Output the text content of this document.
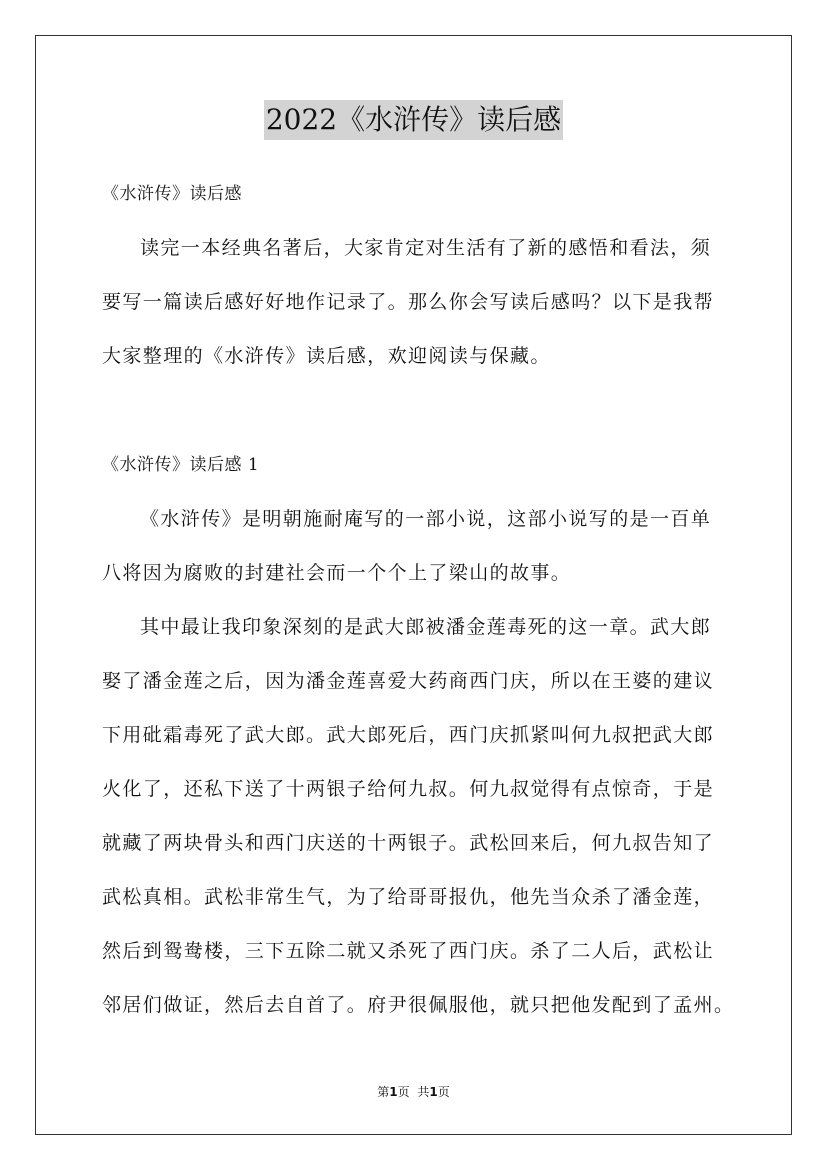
2022《水浒传》读后感
《水浒传》读后感
读完一本经典名著后，大家肯定对生活有了新的感悟和看法，须
要写一篇读后感好好地作记录了。那么你会写读后感吗？以下是我帮
大家整理的《水浒传》读后感，欢迎阅读与保藏。
《水浒传》读后感 1
《水浒传》是明朝施耐庵写的一部小说，这部小说写的是一百单
八将因为腐败的封建社会而一个个上了梁山的故事。
其中最让我印象深刻的是武大郎被潘金莲毒死的这一章。武大郎
娶了潘金莲之后，因为潘金莲喜爱大药商西门庆，所以在王婆的建议
下用砒霜毒死了武大郎。武大郎死后，西门庆抓紧叫何九叔把武大郎
火化了，还私下送了十两银子给何九叔。何九叔觉得有点惊奇，于是
就藏了两块骨头和西门庆送的十两银子。武松回来后，何九叔告知了
武松真相。武松非常生气，为了给哥哥报仇，他先当众杀了潘金莲，
然后到鸳鸯楼，三下五除二就又杀死了西门庆。杀了二人后，武松让
邻居们做证，然后去自首了。府尹很佩服他，就只把他发配到了孟州。
第1页 共1页
